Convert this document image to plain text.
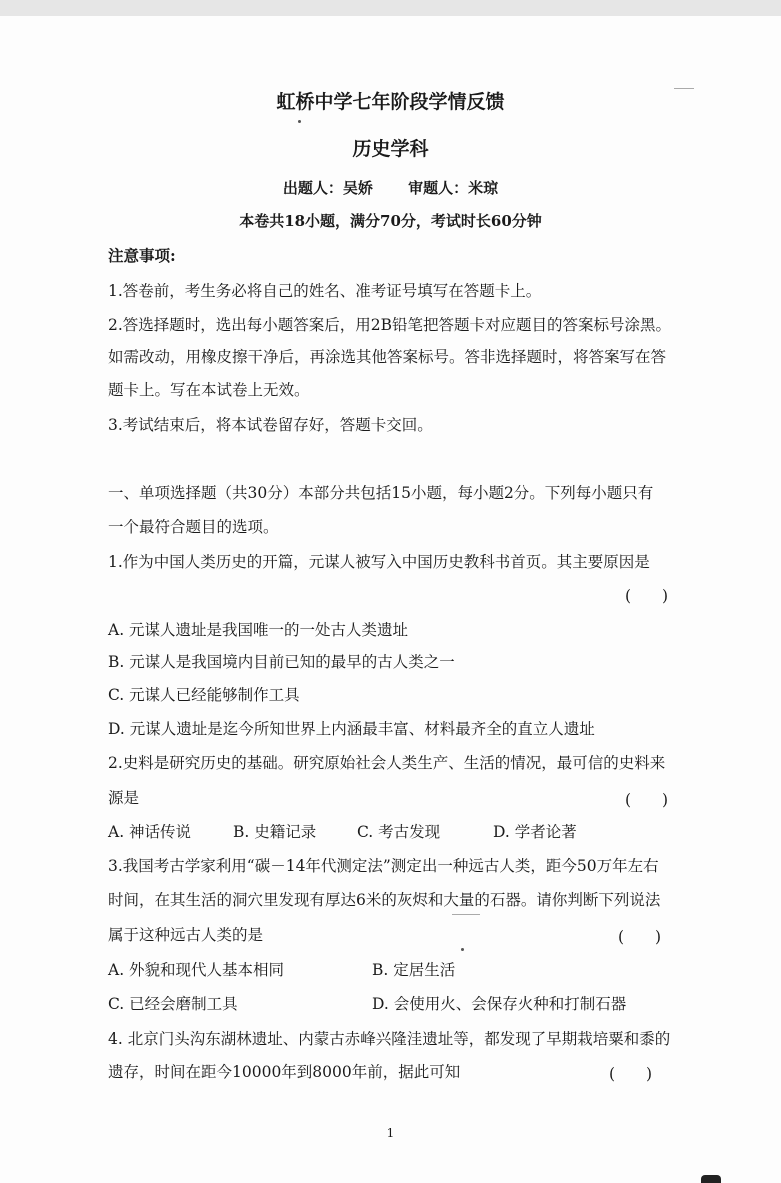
虹桥中学七年阶段学情反馈
历史学科
出题人：吴娇　　 审题人：米琼
本卷共18小题，满分70分，考试时长60分钟
注意事项:
1.答卷前，考生务必将自己的姓名、准考证号填写在答题卡上。
2.答选择题时，选出每小题答案后，用2B铅笔把答题卡对应题目的答案标号涂黑。
如需改动，用橡皮擦干净后，再涂选其他答案标号。答非选择题时，将答案写在答
题卡上。写在本试卷上无效。
3.考试结束后，将本试卷留存好，答题卡交回。
一、单项选择题（共30分）本部分共包括15小题，每小题2分。下列每小题只有
一个最符合题目的选项。
1.作为中国人类历史的开篇，元谋人被写入中国历史教科书首页。其主要原因是
(　　)
A. 元谋人遗址是我国唯一的一处古人类遗址
B. 元谋人是我国境内目前已知的最早的古人类之一
C. 元谋人已经能够制作工具
D. 元谋人遗址是迄今所知世界上内涵最丰富、材料最齐全的直立人遗址
2.史料是研究历史的基础。研究原始社会人类生产、生活的情况，最可信的史料来
源是	(　　)
A. 神话传说	B. 史籍记录	C. 考古发现	D. 学者论著
3.我国考古学家利用“碳－14年代测定法”测定出一种远古人类，距今50万年左右
时间，在其生活的洞穴里发现有厚达6米的灰烬和大量的石器。请你判断下列说法
属于这种远古人类的是	(　　)
A. 外貌和现代人基本相同	B. 定居生活
C. 已经会磨制工具	D. 会使用火、会保存火种和打制石器
4. 北京门头沟东湖林遗址、内蒙古赤峰兴隆洼遗址等，都发现了早期栽培粟和黍的
遗存，时间在距今10000年到8000年前，据此可知	(　　)
1
